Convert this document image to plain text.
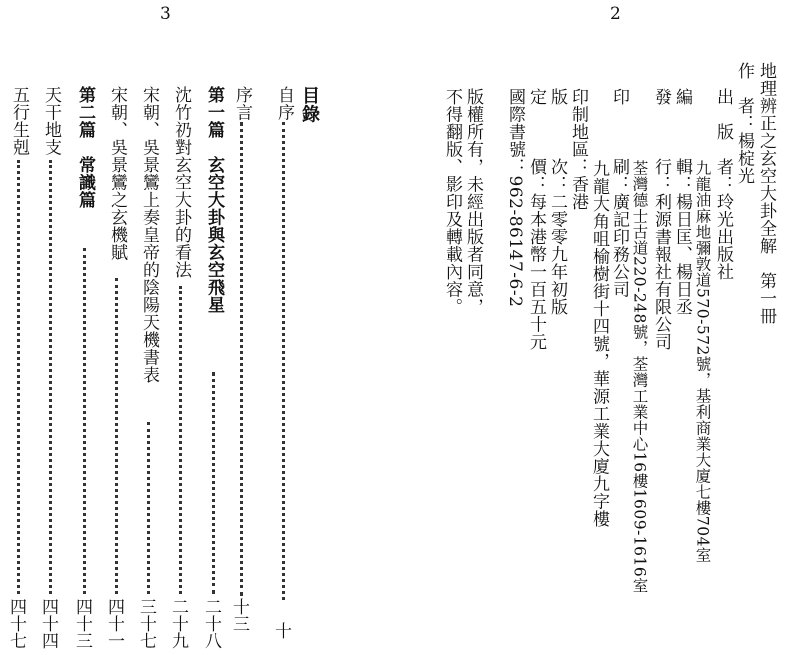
3	2
地理辨正之玄空大卦全解　第一冊
作　者：楊椗光
出　版　者：玲光出版社
九龍油麻地彌敦道570-572號，基利商業大廈七樓704室
編　　　輯：楊日匡、楊日丞
發　　　行：利源書報社有限公司
荃灣德士古道220-248號，荃灣工業中心16樓1609-1616室
印　　　刷：廣記印務公司
九龍大角咀榆樹街十四號，華源工業大廈九字樓
印制地區：香港
版　　　次：二零零九年初版
定　　　價：每本港幣一百五十元
國際書號：962-86147-6-2
版權所有，未經出版者同意，
不得翻版、影印及轉載內容。
目錄
自序
十
序言
十三
第一篇　玄空大卦與玄空飛星
二十八
沈竹礽對玄空大卦的看法
二十九
宋朝、吳景鸞上奏皇帝的陰陽天機書表
三十七
宋朝、吳景鸞之玄機賦
四十一
第二篇　常識篇
四十三
天干地支
四十四
五行生剋
四十七
